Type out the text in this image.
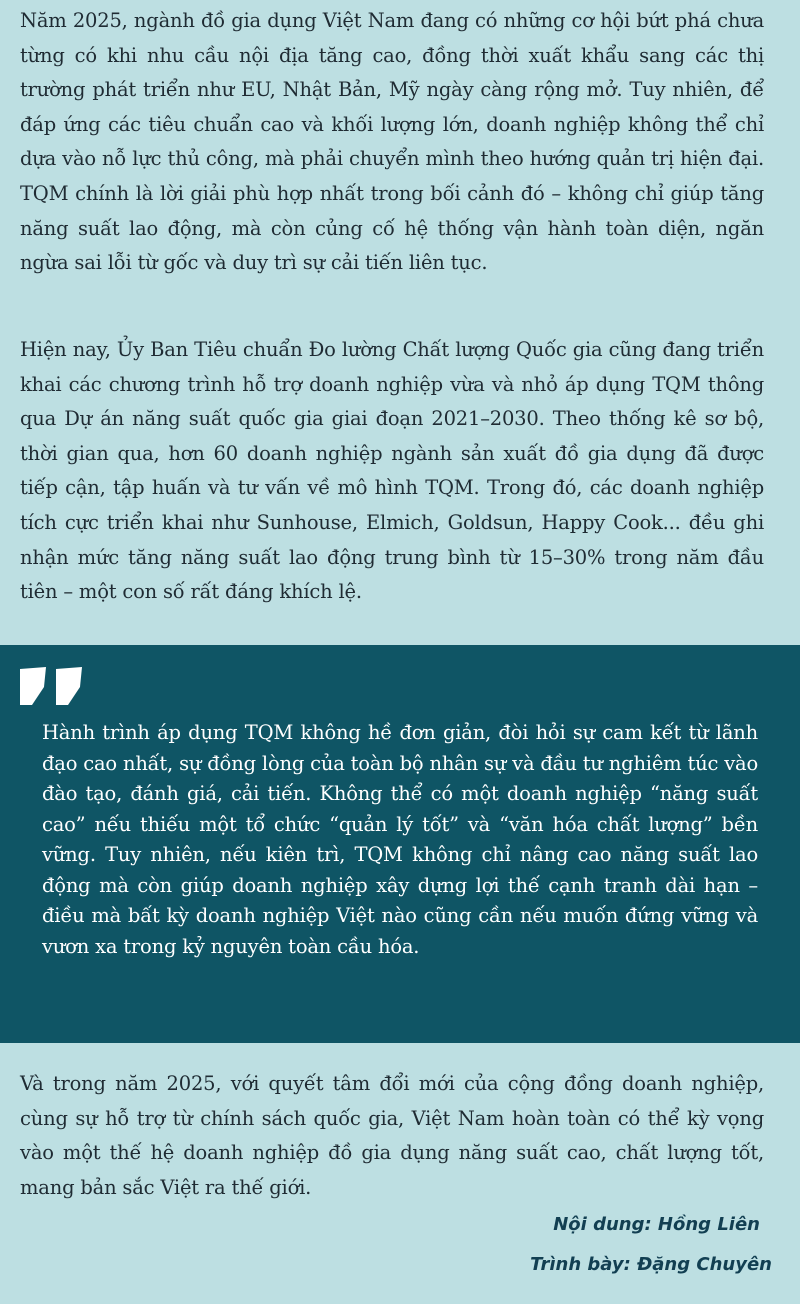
Năm 2025, ngành đồ gia dụng Việt Nam đang có những cơ hội bứt phá chưa từng có khi nhu cầu nội địa tăng cao, đồng thời xuất khẩu sang các thị trường phát triển như EU, Nhật Bản, Mỹ ngày càng rộng mở. Tuy nhiên, để đáp ứng các tiêu chuẩn cao và khối lượng lớn, doanh nghiệp không thể chỉ dựa vào nỗ lực thủ công, mà phải chuyển mình theo hướng quản trị hiện đại. TQM chính là lời giải phù hợp nhất trong bối cảnh đó – không chỉ giúp tăng năng suất lao động, mà còn củng cố hệ thống vận hành toàn diện, ngăn ngừa sai lỗi từ gốc và duy trì sự cải tiến liên tục.

Hiện nay, Ủy Ban Tiêu chuẩn Đo lường Chất lượng Quốc gia cũng đang triển khai các chương trình hỗ trợ doanh nghiệp vừa và nhỏ áp dụng TQM thông qua Dự án năng suất quốc gia giai đoạn 2021–2030. Theo thống kê sơ bộ, thời gian qua, hơn 60 doanh nghiệp ngành sản xuất đồ gia dụng đã được tiếp cận, tập huấn và tư vấn về mô hình TQM. Trong đó, các doanh nghiệp tích cực triển khai như Sunhouse, Elmich, Goldsun, Happy Cook... đều ghi nhận mức tăng năng suất lao động trung bình từ 15–30% trong năm đầu tiên – một con số rất đáng khích lệ.

Hành trình áp dụng TQM không hề đơn giản, đòi hỏi sự cam kết từ lãnh đạo cao nhất, sự đồng lòng của toàn bộ nhân sự và đầu tư nghiêm túc vào đào tạo, đánh giá, cải tiến. Không thể có một doanh nghiệp “năng suất cao” nếu thiếu một tổ chức “quản lý tốt” và “văn hóa chất lượng” bền vững. Tuy nhiên, nếu kiên trì, TQM không chỉ nâng cao năng suất lao động mà còn giúp doanh nghiệp xây dựng lợi thế cạnh tranh dài hạn – điều mà bất kỳ doanh nghiệp Việt nào cũng cần nếu muốn đứng vững và vươn xa trong kỷ nguyên toàn cầu hóa.

Và trong năm 2025, với quyết tâm đổi mới của cộng đồng doanh nghiệp, cùng sự hỗ trợ từ chính sách quốc gia, Việt Nam hoàn toàn có thể kỳ vọng vào một thế hệ doanh nghiệp đồ gia dụng năng suất cao, chất lượng tốt, mang bản sắc Việt ra thế giới.

Nội dung: Hồng Liên

Trình bày: Đặng Chuyên
